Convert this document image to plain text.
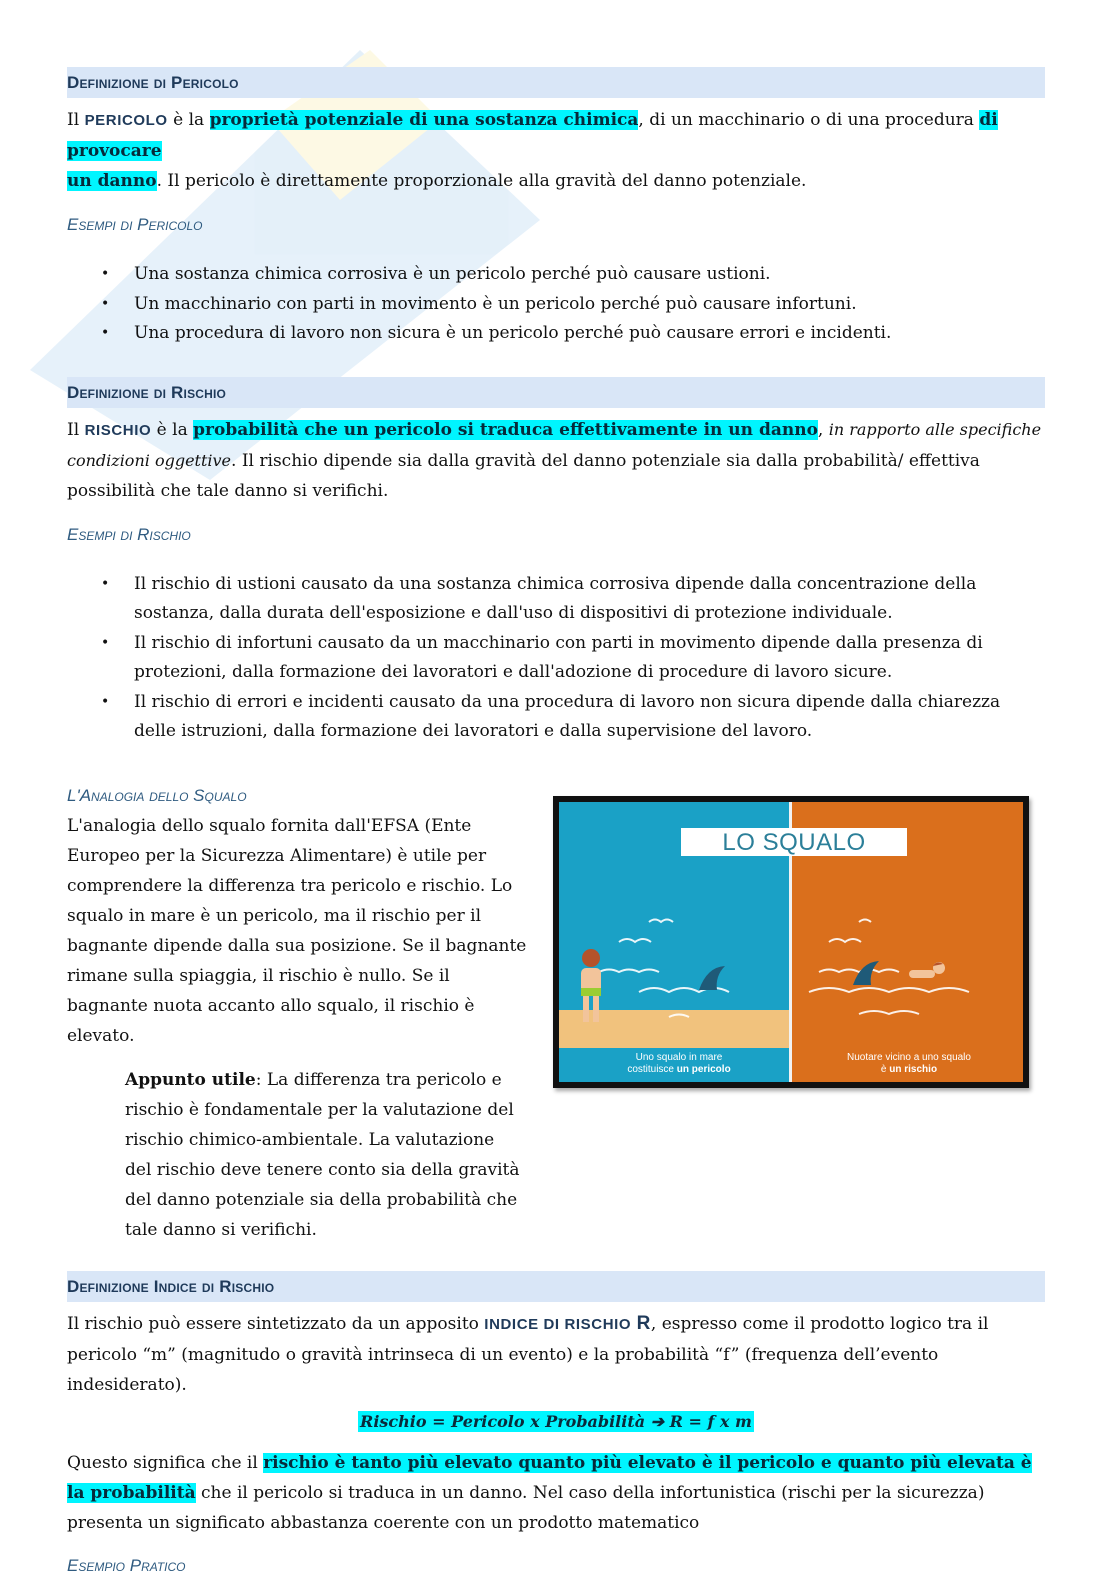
Definizione di Pericolo

Il PERICOLO è la proprietà potenziale di una sostanza chimica, di un macchinario o di una procedura di provocare
un danno. Il pericolo è direttamente proporzionale alla gravità del danno potenziale.

Esempi di Pericolo
• Una sostanza chimica corrosiva è un pericolo perché può causare ustioni.
• Un macchinario con parti in movimento è un pericolo perché può causare infortuni.
• Una procedura di lavoro non sicura è un pericolo perché può causare errori e incidenti.
Definizione di Rischio

Il RISCHIO è la probabilità che un pericolo si traduca effettivamente in un danno, in rapporto alle specifiche condizioni oggettive. Il rischio dipende sia dalla gravità del danno potenziale sia dalla probabilità/ effettiva possibilità che tale danno si verifichi.

Esempi di Rischio
• Il rischio di ustioni causato da una sostanza chimica corrosiva dipende dalla concentrazione della sostanza, dalla durata dell'esposizione e dall'uso di dispositivi di protezione individuale.
• Il rischio di infortuni causato da un macchinario con parti in movimento dipende dalla presenza di protezioni, dalla formazione dei lavoratori e dall'adozione di procedure di lavoro sicure.
• Il rischio di errori e incidenti causato da una procedura di lavoro non sicura dipende dalla chiarezza delle istruzioni, dalla formazione dei lavoratori e dalla supervisione del lavoro.
L'Analogia dello Squalo

L'analogia dello squalo fornita dall'EFSA (Ente Europeo per la Sicurezza Alimentare) è utile per comprendere la differenza tra pericolo e rischio. Lo squalo in mare è un pericolo, ma il rischio per il bagnante dipende dalla sua posizione. Se il bagnante rimane sulla spiaggia, il rischio è nullo. Se il bagnante nuota accanto allo squalo, il rischio è elevato.

Appunto utile: La differenza tra pericolo e rischio è fondamentale per la valutazione del rischio chimico-ambientale. La valutazione del rischio deve tenere conto sia della gravità del danno potenziale sia della probabilità che tale danno si verifichi.

Definizione Indice di Rischio

Il rischio può essere sintetizzato da un apposito INDICE DI RISCHIO R, espresso come il prodotto logico tra il pericolo “m” (magnitudo o gravità intrinseca di un evento) e la probabilità “f” (frequenza dell’evento indesiderato).

Rischio = Pericolo x Probabilità ➔ R = f x m

Questo significa che il rischio è tanto più elevato quanto più elevato è il pericolo e quanto più elevata è la probabilità che il pericolo si traduca in un danno. Nel caso della infortunistica (rischi per la sicurezza) presenta un significato abbastanza coerente con un prodotto matematico

Esempio Pratico
LO SQUALO
Uno squalo in mare
costituisce un pericolo
Nuotare vicino a uno squalo
è un rischio
